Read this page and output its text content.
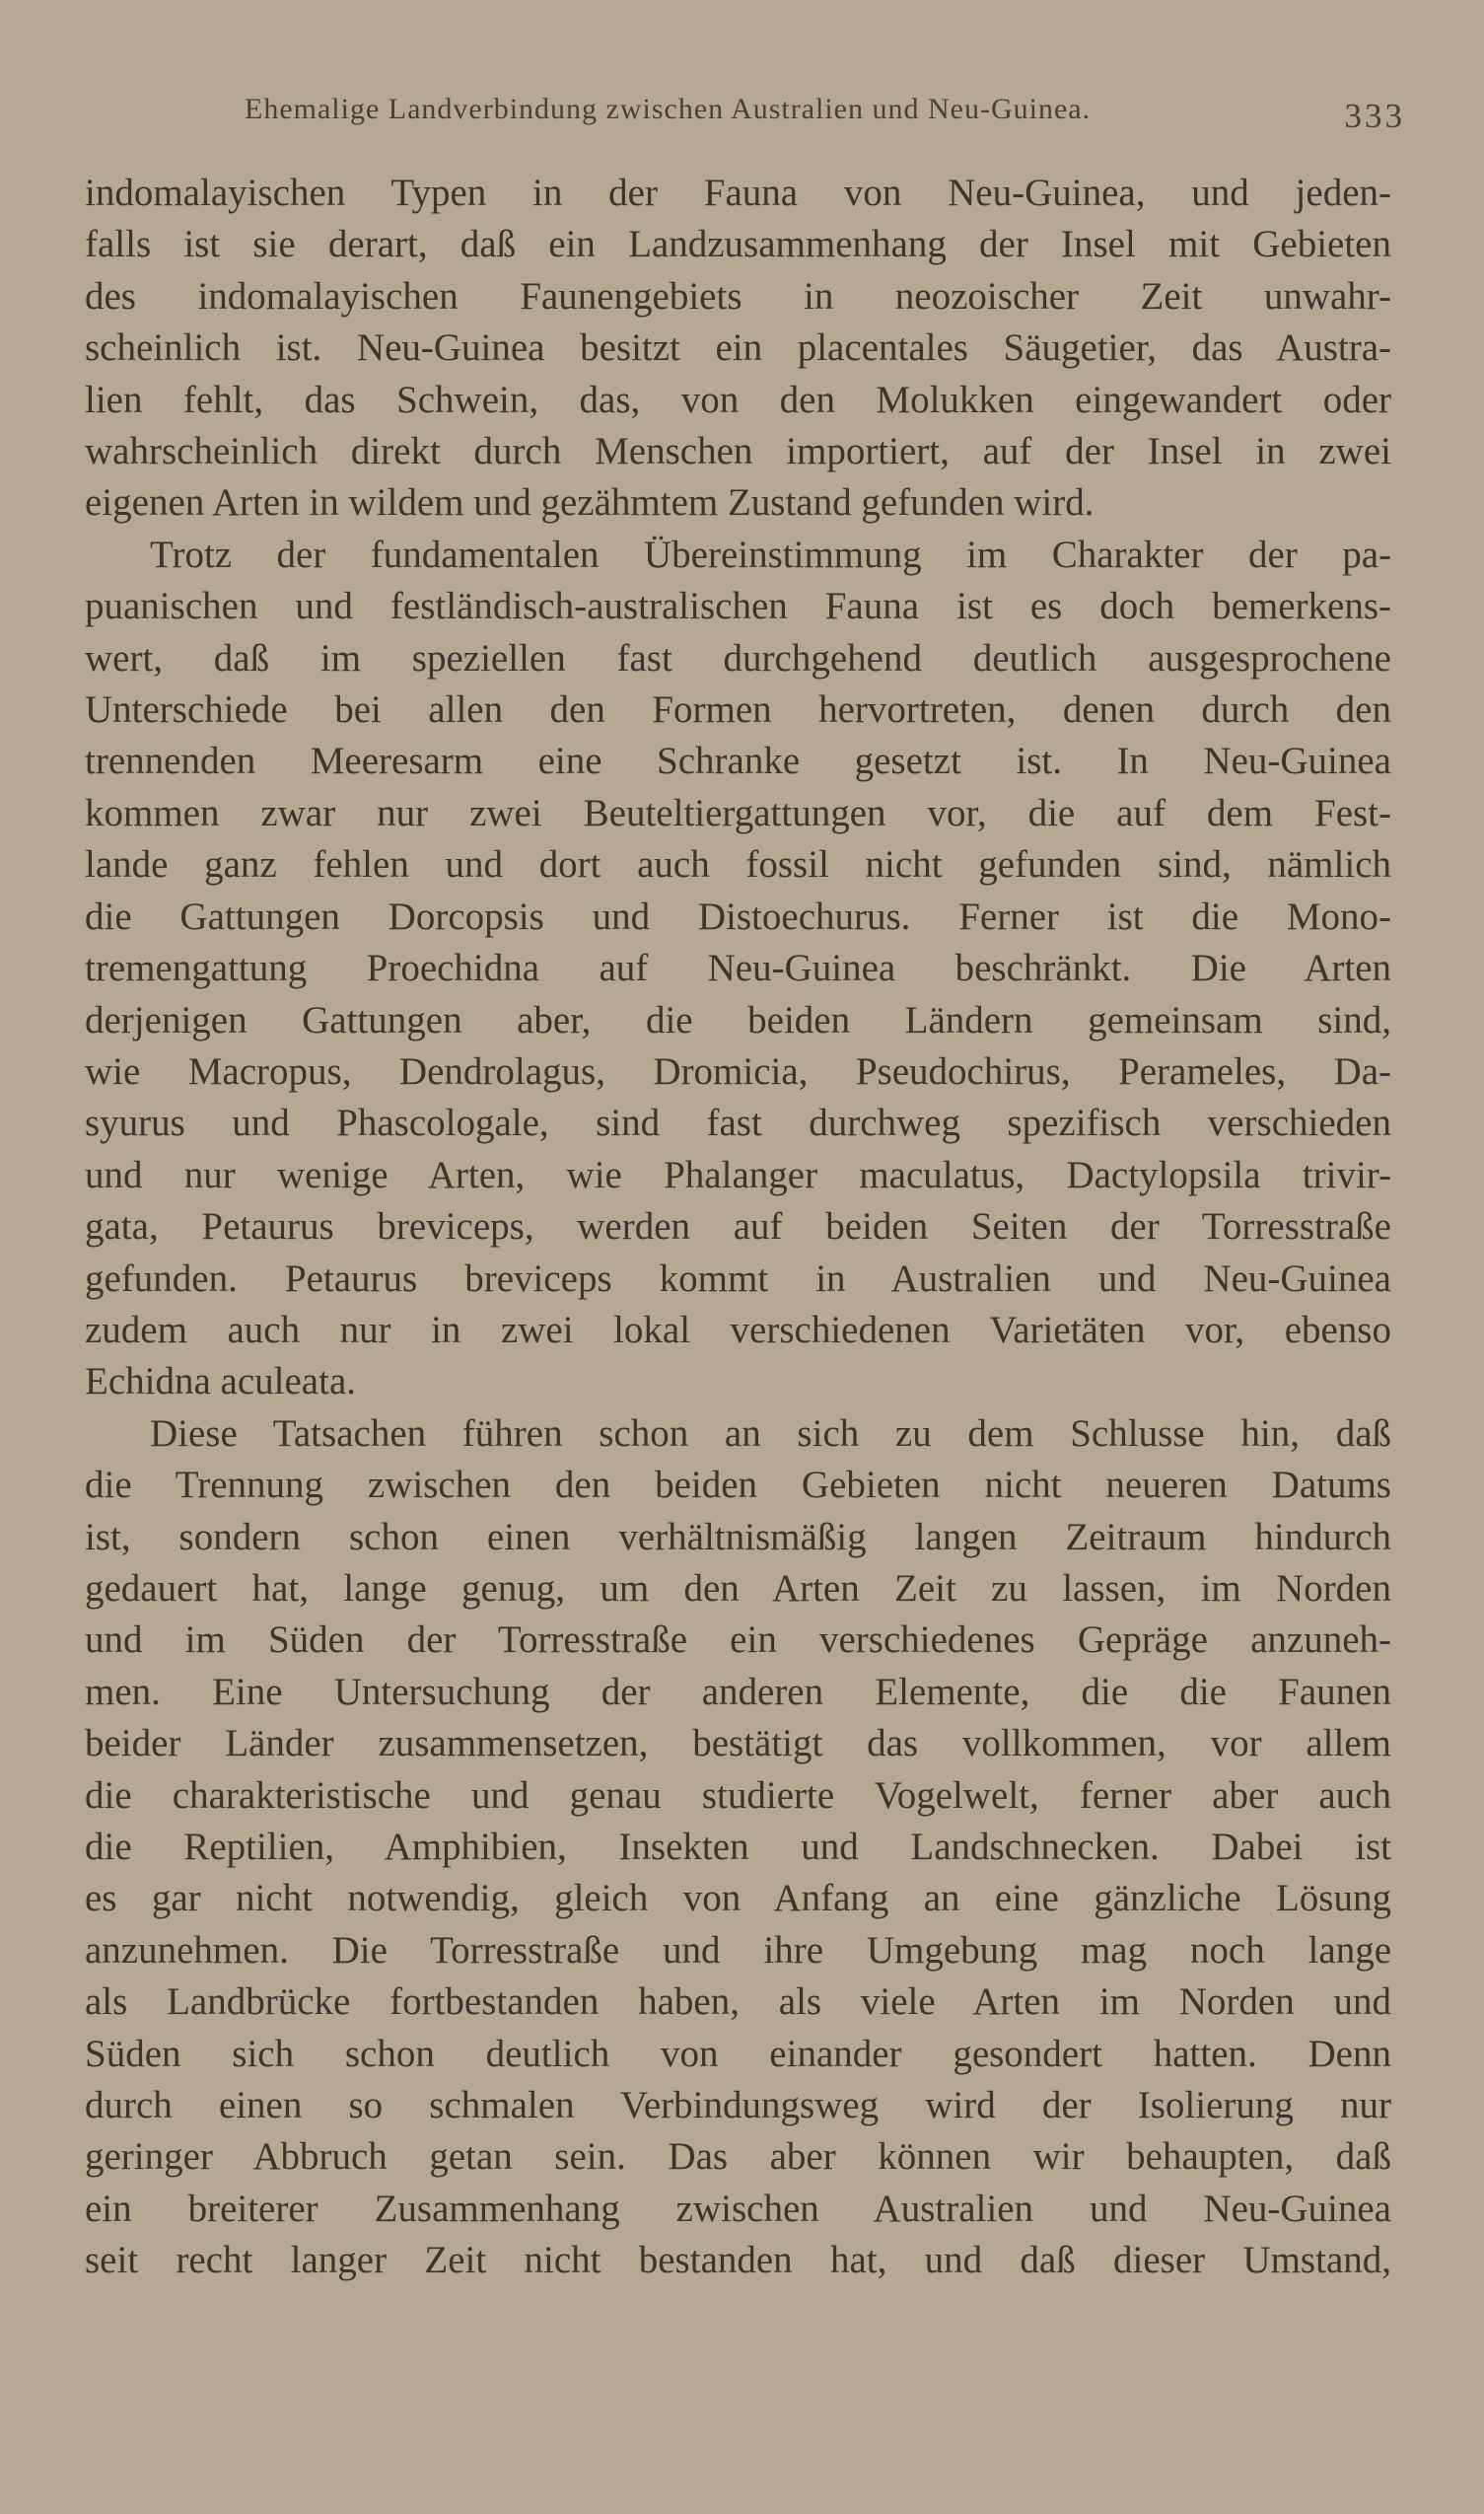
Ehemalige Landverbindung zwischen Australien und Neu-Guinea.	333
indomalayischen Typen in der Fauna von Neu-Guinea, und jeden-
falls ist sie derart, daß ein Landzusammenhang der Insel mit Gebieten
des indomalayischen Faunengebiets in neozoischer Zeit unwahr-
scheinlich ist. Neu-Guinea besitzt ein placentales Säugetier, das Austra-
lien fehlt, das Schwein, das, von den Molukken eingewandert oder
wahrscheinlich direkt durch Menschen importiert, auf der Insel in zwei
eigenen Arten in wildem und gezähmtem Zustand gefunden wird.
Trotz der fundamentalen Übereinstimmung im Charakter der pa-
puanischen und festländisch-australischen Fauna ist es doch bemerkens-
wert, daß im speziellen fast durchgehend deutlich ausgesprochene
Unterschiede bei allen den Formen hervortreten, denen durch den
trennenden Meeresarm eine Schranke gesetzt ist. In Neu-Guinea
kommen zwar nur zwei Beuteltiergattungen vor, die auf dem Fest-
lande ganz fehlen und dort auch fossil nicht gefunden sind, nämlich
die Gattungen Dorcopsis und Distoechurus. Ferner ist die Mono-
tremengattung Proechidna auf Neu-Guinea beschränkt. Die Arten
derjenigen Gattungen aber, die beiden Ländern gemeinsam sind,
wie Macropus, Dendrolagus, Dromicia, Pseudochirus, Perameles, Da-
syurus und Phascologale, sind fast durchweg spezifisch verschieden
und nur wenige Arten, wie Phalanger maculatus, Dactylopsila trivir-
gata, Petaurus breviceps, werden auf beiden Seiten der Torresstraße
gefunden. Petaurus breviceps kommt in Australien und Neu-Guinea
zudem auch nur in zwei lokal verschiedenen Varietäten vor, ebenso
Echidna aculeata.
Diese Tatsachen führen schon an sich zu dem Schlusse hin, daß
die Trennung zwischen den beiden Gebieten nicht neueren Datums
ist, sondern schon einen verhältnismäßig langen Zeitraum hindurch
gedauert hat, lange genug, um den Arten Zeit zu lassen, im Norden
und im Süden der Torresstraße ein verschiedenes Gepräge anzuneh-
men. Eine Untersuchung der anderen Elemente, die die Faunen
beider Länder zusammensetzen, bestätigt das vollkommen, vor allem
die charakteristische und genau studierte Vogelwelt, ferner aber auch
die Reptilien, Amphibien, Insekten und Landschnecken. Dabei ist
es gar nicht notwendig, gleich von Anfang an eine gänzliche Lösung
anzunehmen. Die Torresstraße und ihre Umgebung mag noch lange
als Landbrücke fortbestanden haben, als viele Arten im Norden und
Süden sich schon deutlich von einander gesondert hatten. Denn
durch einen so schmalen Verbindungsweg wird der Isolierung nur
geringer Abbruch getan sein. Das aber können wir behaupten, daß
ein breiterer Zusammenhang zwischen Australien und Neu-Guinea
seit recht langer Zeit nicht bestanden hat, und daß dieser Umstand,
